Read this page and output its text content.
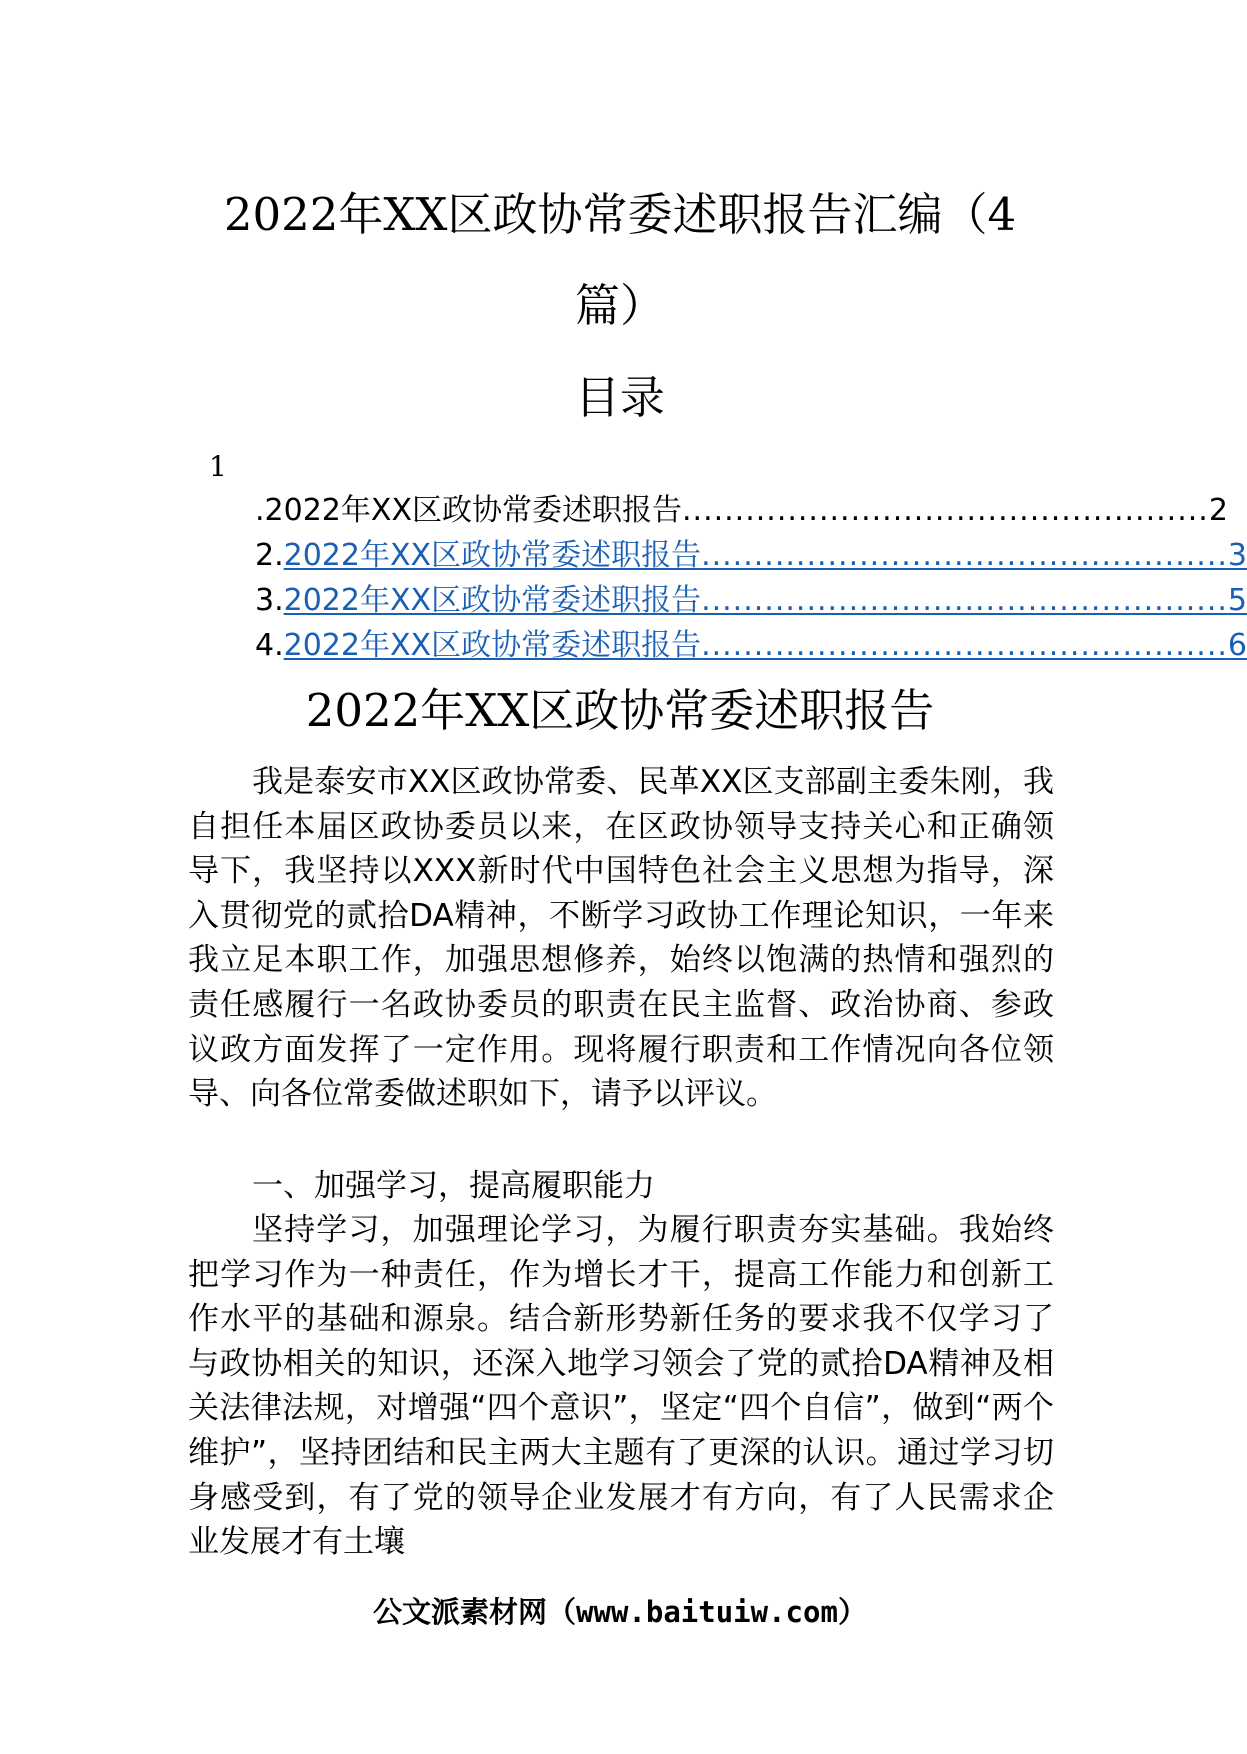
2022年XX区政协常委述职报告汇编（4
篇）
目录
1
. 2022年XX区政协常委述职报告 .................................................. 2
2. 2022年XX区政协常委述职报告 .................................................. 3
3. 2022年XX区政协常委述职报告 .................................................. 5
4. 2022年XX区政协常委述职报告 .................................................. 6
2022年XX区政协常委述职报告

我是泰安市XX区政协常委、民革XX区支部副主委朱刚，我自担任本届区政协委员以来，在区政协领导支持关心和正确领导下，我坚持以XXX新时代中国特色社会主义思想为指导，深入贯彻党的贰拾DA精神，不断学习政协工作理论知识，一年来我立足本职工作，加强思想修养，始终以饱满的热情和强烈的责任感履行一名政协委员的职责在民主监督、政治协商、参政议政方面发挥了一定作用。现将履行职责和工作情况向各位领导、向各位常委做述职如下，请予以评议。

一、加强学习，提高履职能力

坚持学习，加强理论学习，为履行职责夯实基础。我始终把学习作为一种责任，作为增长才干，提高工作能力和创新工作水平的基础和源泉。结合新形势新任务的要求我不仅学习了与政协相关的知识，还深入地学习领会了党的贰拾DA精神及相关法律法规，对增强“四个意识”，坚定“四个自信”，做到“两个维护”，坚持团结和民主两大主题有了更深的认识。通过学习切身感受到，有了党的领导企业发展才有方向，有了人民需求企业发展才有土壤

公文派素材网（www.baituiw.com）
